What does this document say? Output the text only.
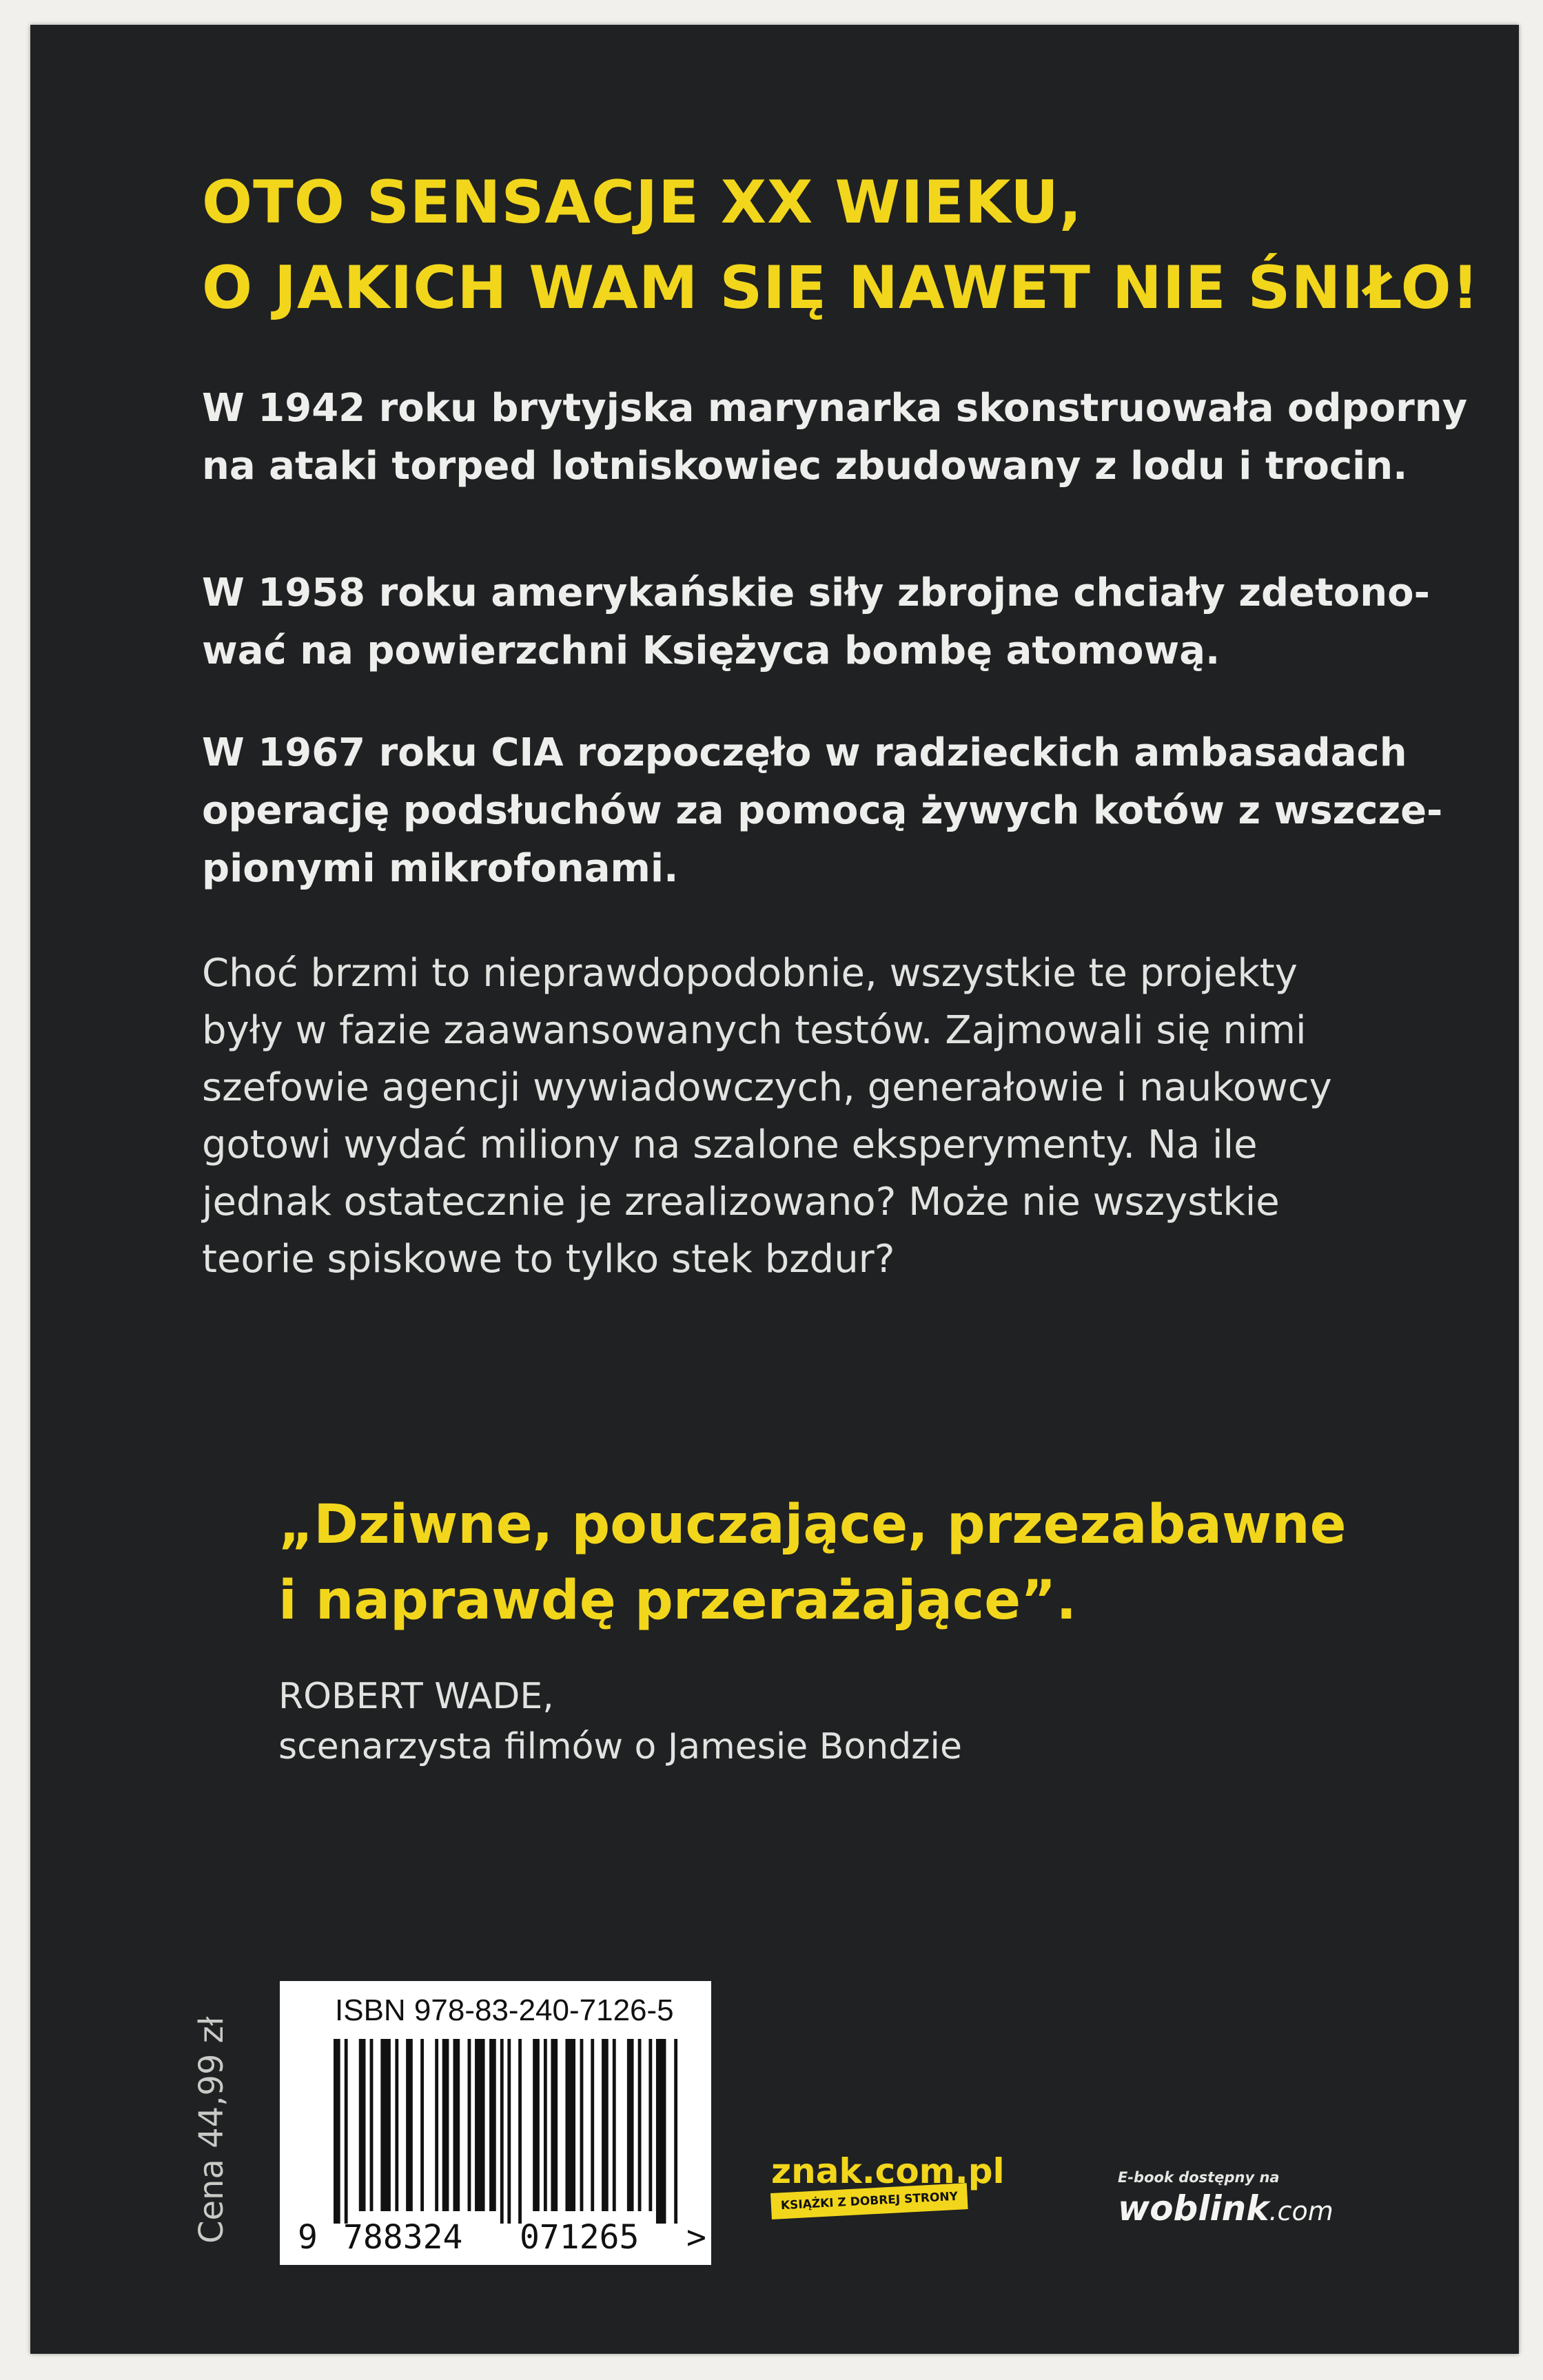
OTO SENSACJE XX WIEKU,
O JAKICH WAM SIĘ NAWET NIE ŚNIŁO!
W 1942 roku brytyjska marynarka skonstruowała odporny
na ataki torped lotniskowiec zbudowany z lodu i trocin.
W 1958 roku amerykańskie siły zbrojne chciały zdetono-
wać na powierzchni Księżyca bombę atomową.
W 1967 roku CIA rozpoczęło w radzieckich ambasadach
operację podsłuchów za pomocą żywych kotów z wszcze-
pionymi mikrofonami.
Choć brzmi to nieprawdopodobnie, wszystkie te projekty
były w fazie zaawansowanych testów. Zajmowali się nimi
szefowie agencji wywiadowczych, generałowie i naukowcy
gotowi wydać miliony na szalone eksperymenty. Na ile
jednak ostatecznie je zrealizowano? Może nie wszystkie
teorie spiskowe to tylko stek bzdur?
„Dziwne, pouczające, przezabawne
i naprawdę przerażające”.
ROBERT WADE,
scenarzysta filmów o Jamesie Bondzie
Cena 44,99 zł
ISBN 978-83-240-7126-5
9 788324 071265 >
znak.com.pl
KSIĄŻKI Z DOBREJ STRONY
E-book dostępny na
woblink.com
